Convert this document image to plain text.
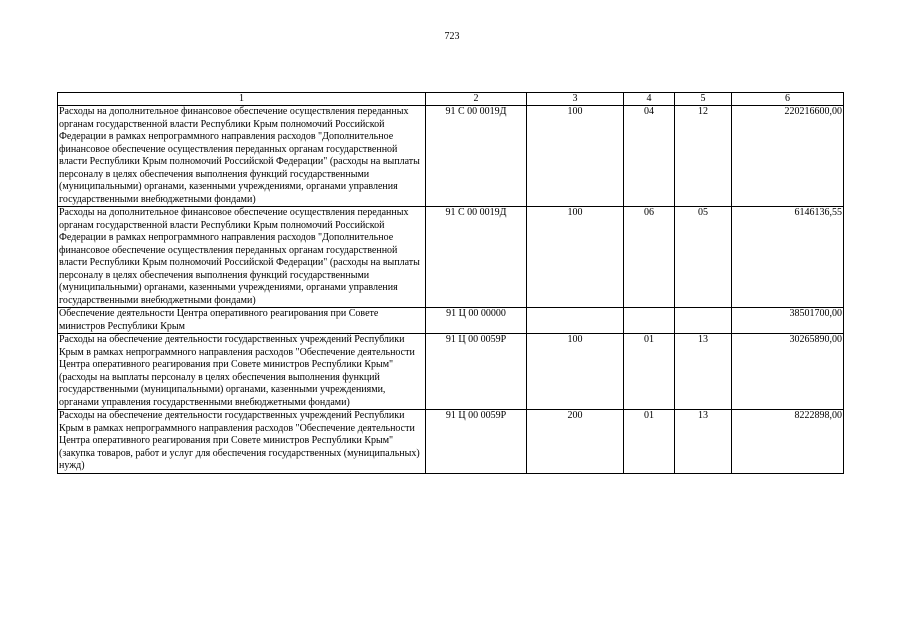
723
1	2	3	4	5	6
Расходы на дополнительное финансовое обеспечение осуществления переданных органам государственной власти Республики Крым полномочий Российской Федерации в рамках непрограммного направления расходов "Дополнительное финансовое обеспечение осуществления переданных органам государственной власти Республики Крым полномочий Российской Федерации" (расходы на выплаты персоналу в целях обеспечения выполнения функций государственными (муниципальными) органами, казенными учреждениями, органами управления государственными внебюджетными фондами)	91 С 00 0019Д	100	04	12	220216600,00
Расходы на дополнительное финансовое обеспечение осуществления переданных органам государственной власти Республики Крым полномочий Российской Федерации в рамках непрограммного направления расходов "Дополнительное финансовое обеспечение осуществления переданных органам государственной власти Республики Крым полномочий Российской Федерации" (расходы на выплаты персоналу в целях обеспечения выполнения функций государственными (муниципальными) органами, казенными учреждениями, органами управления государственными внебюджетными фондами)	91 С 00 0019Д	100	06	05	6146136,55
Обеспечение деятельности Центра оперативного реагирования при Совете министров Республики Крым	91 Ц 00 00000				38501700,00
Расходы на обеспечение деятельности государственных учреждений Республики Крым в рамках непрограммного направления расходов "Обеспечение деятельности Центра оперативного реагирования при Совете министров Республики Крым" (расходы на выплаты персоналу в целях обеспечения выполнения функций государственными (муниципальными) органами, казенными учреждениями, органами управления государственными внебюджетными фондами)	91 Ц 00 0059Р	100	01	13	30265890,00
Расходы на обеспечение деятельности государственных учреждений Республики Крым в рамках непрограммного направления расходов "Обеспечение деятельности Центра оперативного реагирования при Совете министров Республики Крым" (закупка товаров, работ и услуг для обеспечения государственных (муниципальных) нужд)	91 Ц 00 0059Р	200	01	13	8222898,00
